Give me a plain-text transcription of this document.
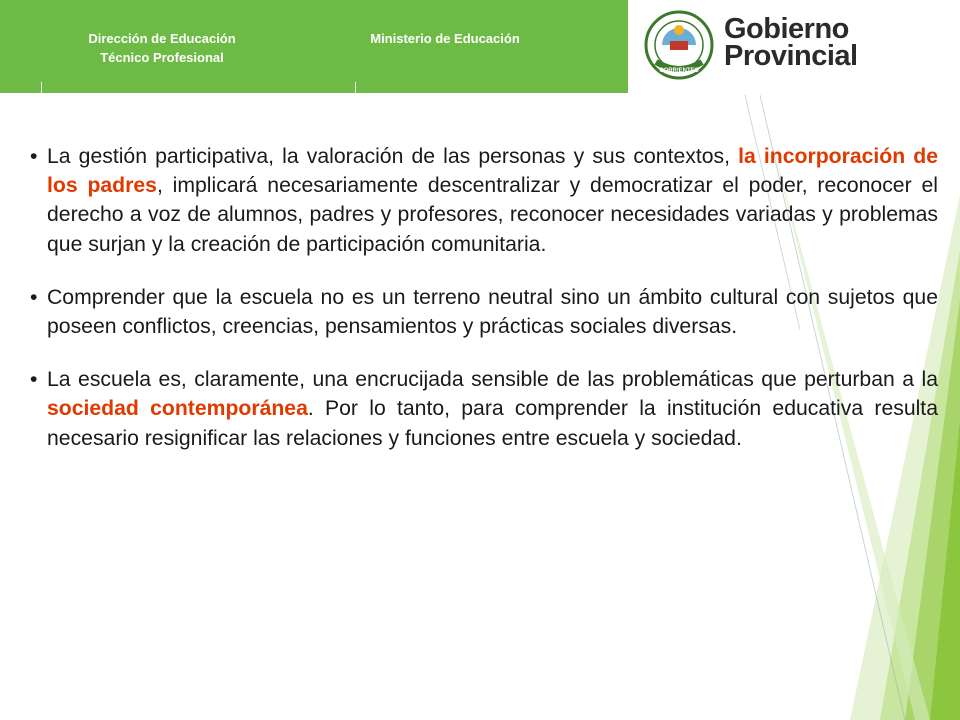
Dirección de Educación
Técnico Profesional
Ministerio de Educación
CORRIENTES
Gobierno
Provincial
• La gestión participativa, la valoración de las personas y sus contextos, la incorporación de los padres, implicará necesariamente descentralizar y democratizar el poder, reconocer el derecho a voz de alumnos, padres y profesores, reconocer necesidades variadas y problemas que surjan y la creación de participación comunitaria.
• Comprender que la escuela no es un terreno neutral sino un ámbito cultural con sujetos que poseen conflictos, creencias, pensamientos y prácticas sociales diversas.
• La escuela es, claramente, una encrucijada sensible de las problemáticas que perturban a la sociedad contemporánea. Por lo tanto, para comprender la institución educativa resulta necesario resignificar las relaciones y funciones entre escuela y sociedad.
